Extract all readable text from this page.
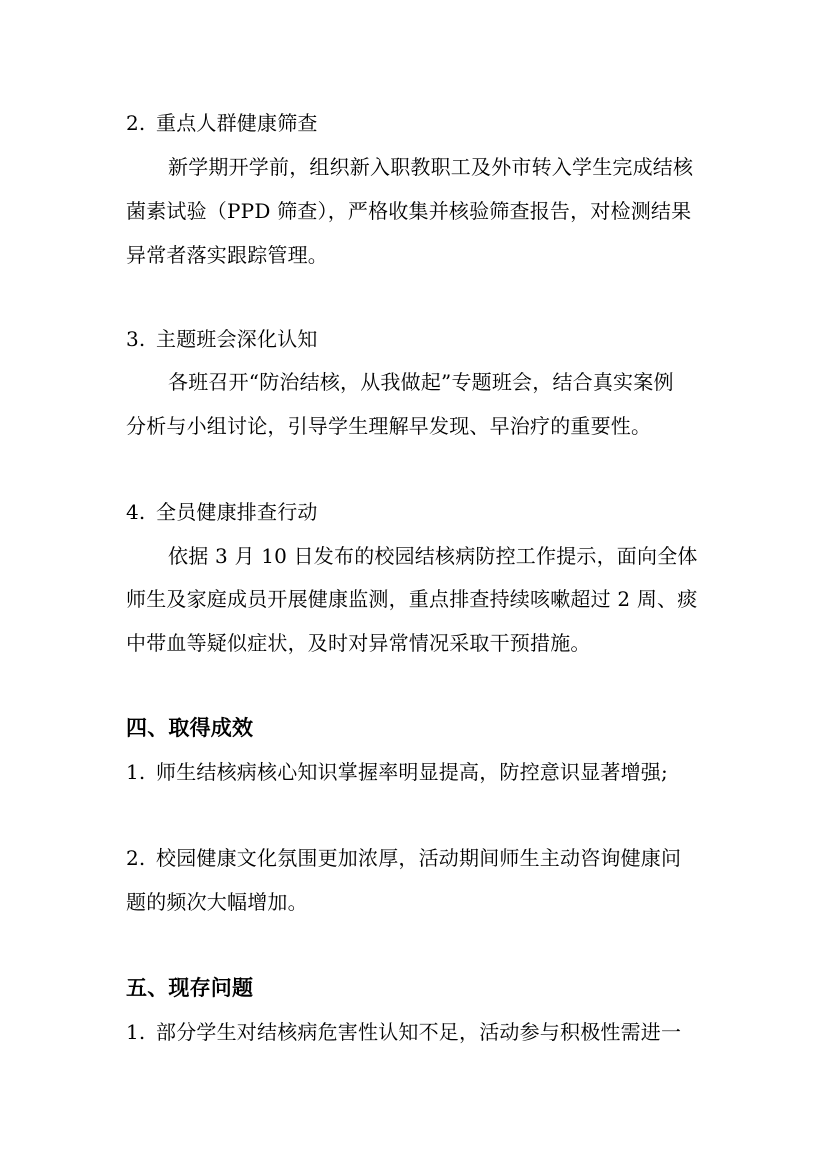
2. 重点人群健康筛查
新学期开学前，组织新入职教职工及外市转入学生完成结核
菌素试验（PPD 筛查），严格收集并核验筛查报告，对检测结果
异常者落实跟踪管理。
3. 主题班会深化认知
各班召开“防治结核，从我做起”专题班会，结合真实案例
分析与小组讨论，引导学生理解早发现、早治疗的重要性。
4. 全员健康排查行动
依据 3 月 10 日发布的校园结核病防控工作提示，面向全体
师生及家庭成员开展健康监测，重点排查持续咳嗽超过 2 周、痰
中带血等疑似症状，及时对异常情况采取干预措施。
四、取得成效
1. 师生结核病核心知识掌握率明显提高，防控意识显著增强;
2. 校园健康文化氛围更加浓厚，活动期间师生主动咨询健康问
题的频次大幅增加。
五、现存问题
1. 部分学生对结核病危害性认知不足，活动参与积极性需进一
